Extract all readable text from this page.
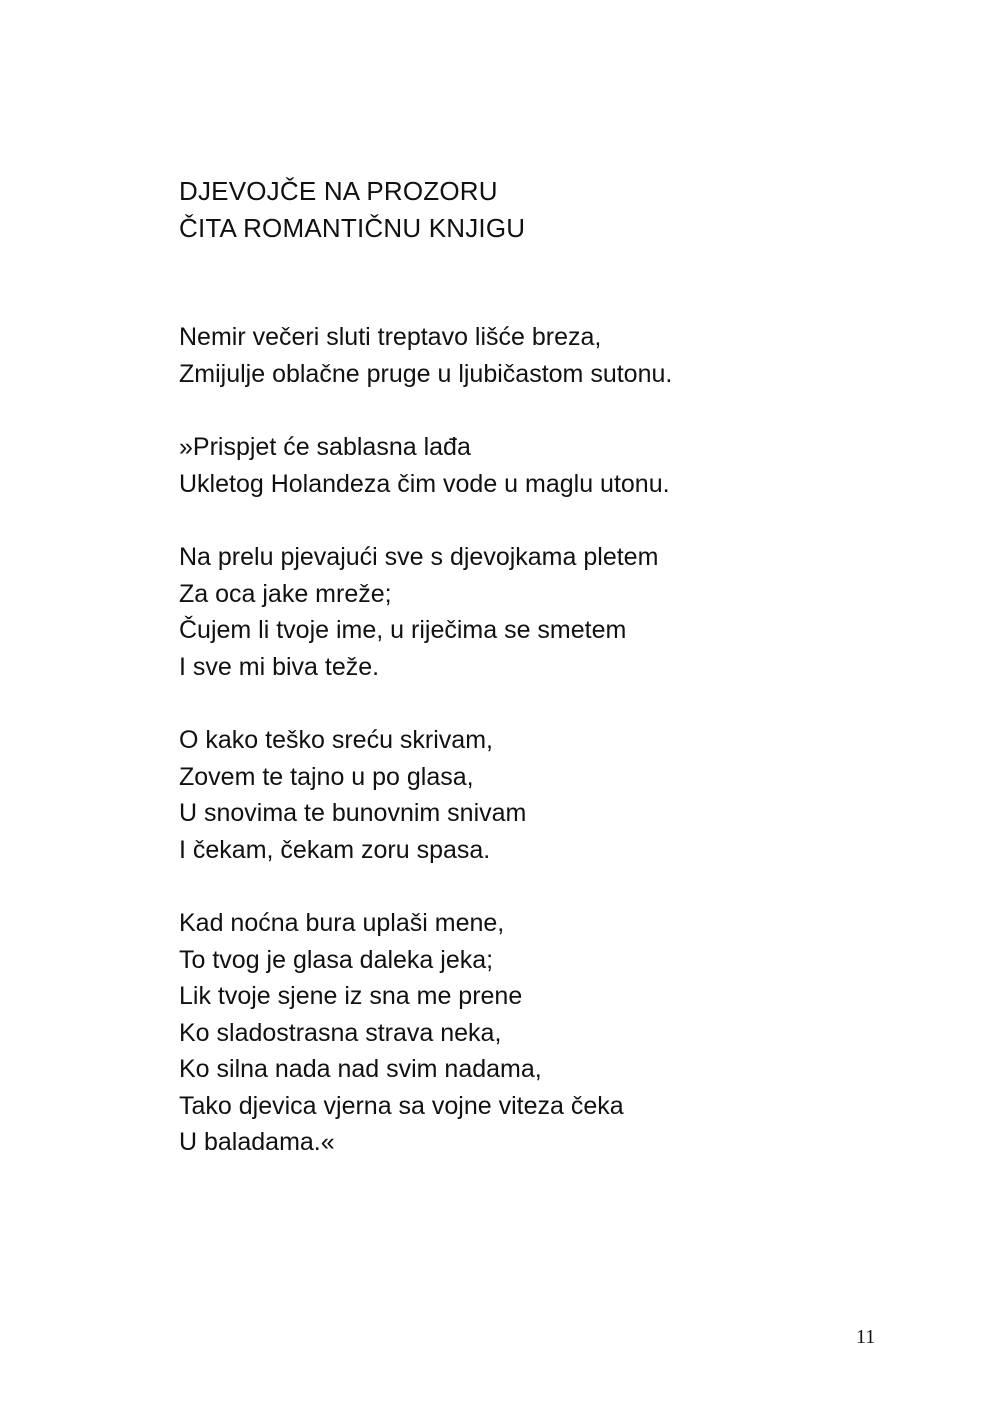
DJEVOJČE NA PROZORU
ČITA ROMANTIČNU KNJIGU
Nemir večeri sluti treptavo lišće breza,
Zmijulje oblačne pruge u ljubičastom sutonu.
»Prispjet će sablasna lađa
Ukletog Holandeza čim vode u maglu utonu.
Na prelu pjevajući sve s djevojkama pletem
Za oca jake mreže;
Čujem li tvoje ime, u riječima se smetem
I sve mi biva teže.
O kako teško sreću skrivam,
Zovem te tajno u po glasa,
U snovima te bunovnim snivam
I čekam, čekam zoru spasa.
Kad noćna bura uplaši mene,
To tvog je glasa daleka jeka;
Lik tvoje sjene iz sna me prene
Ko sladostrasna strava neka,
Ko silna nada nad svim nadama,
Tako djevica vjerna sa vojne viteza čeka
U baladama.«
11
